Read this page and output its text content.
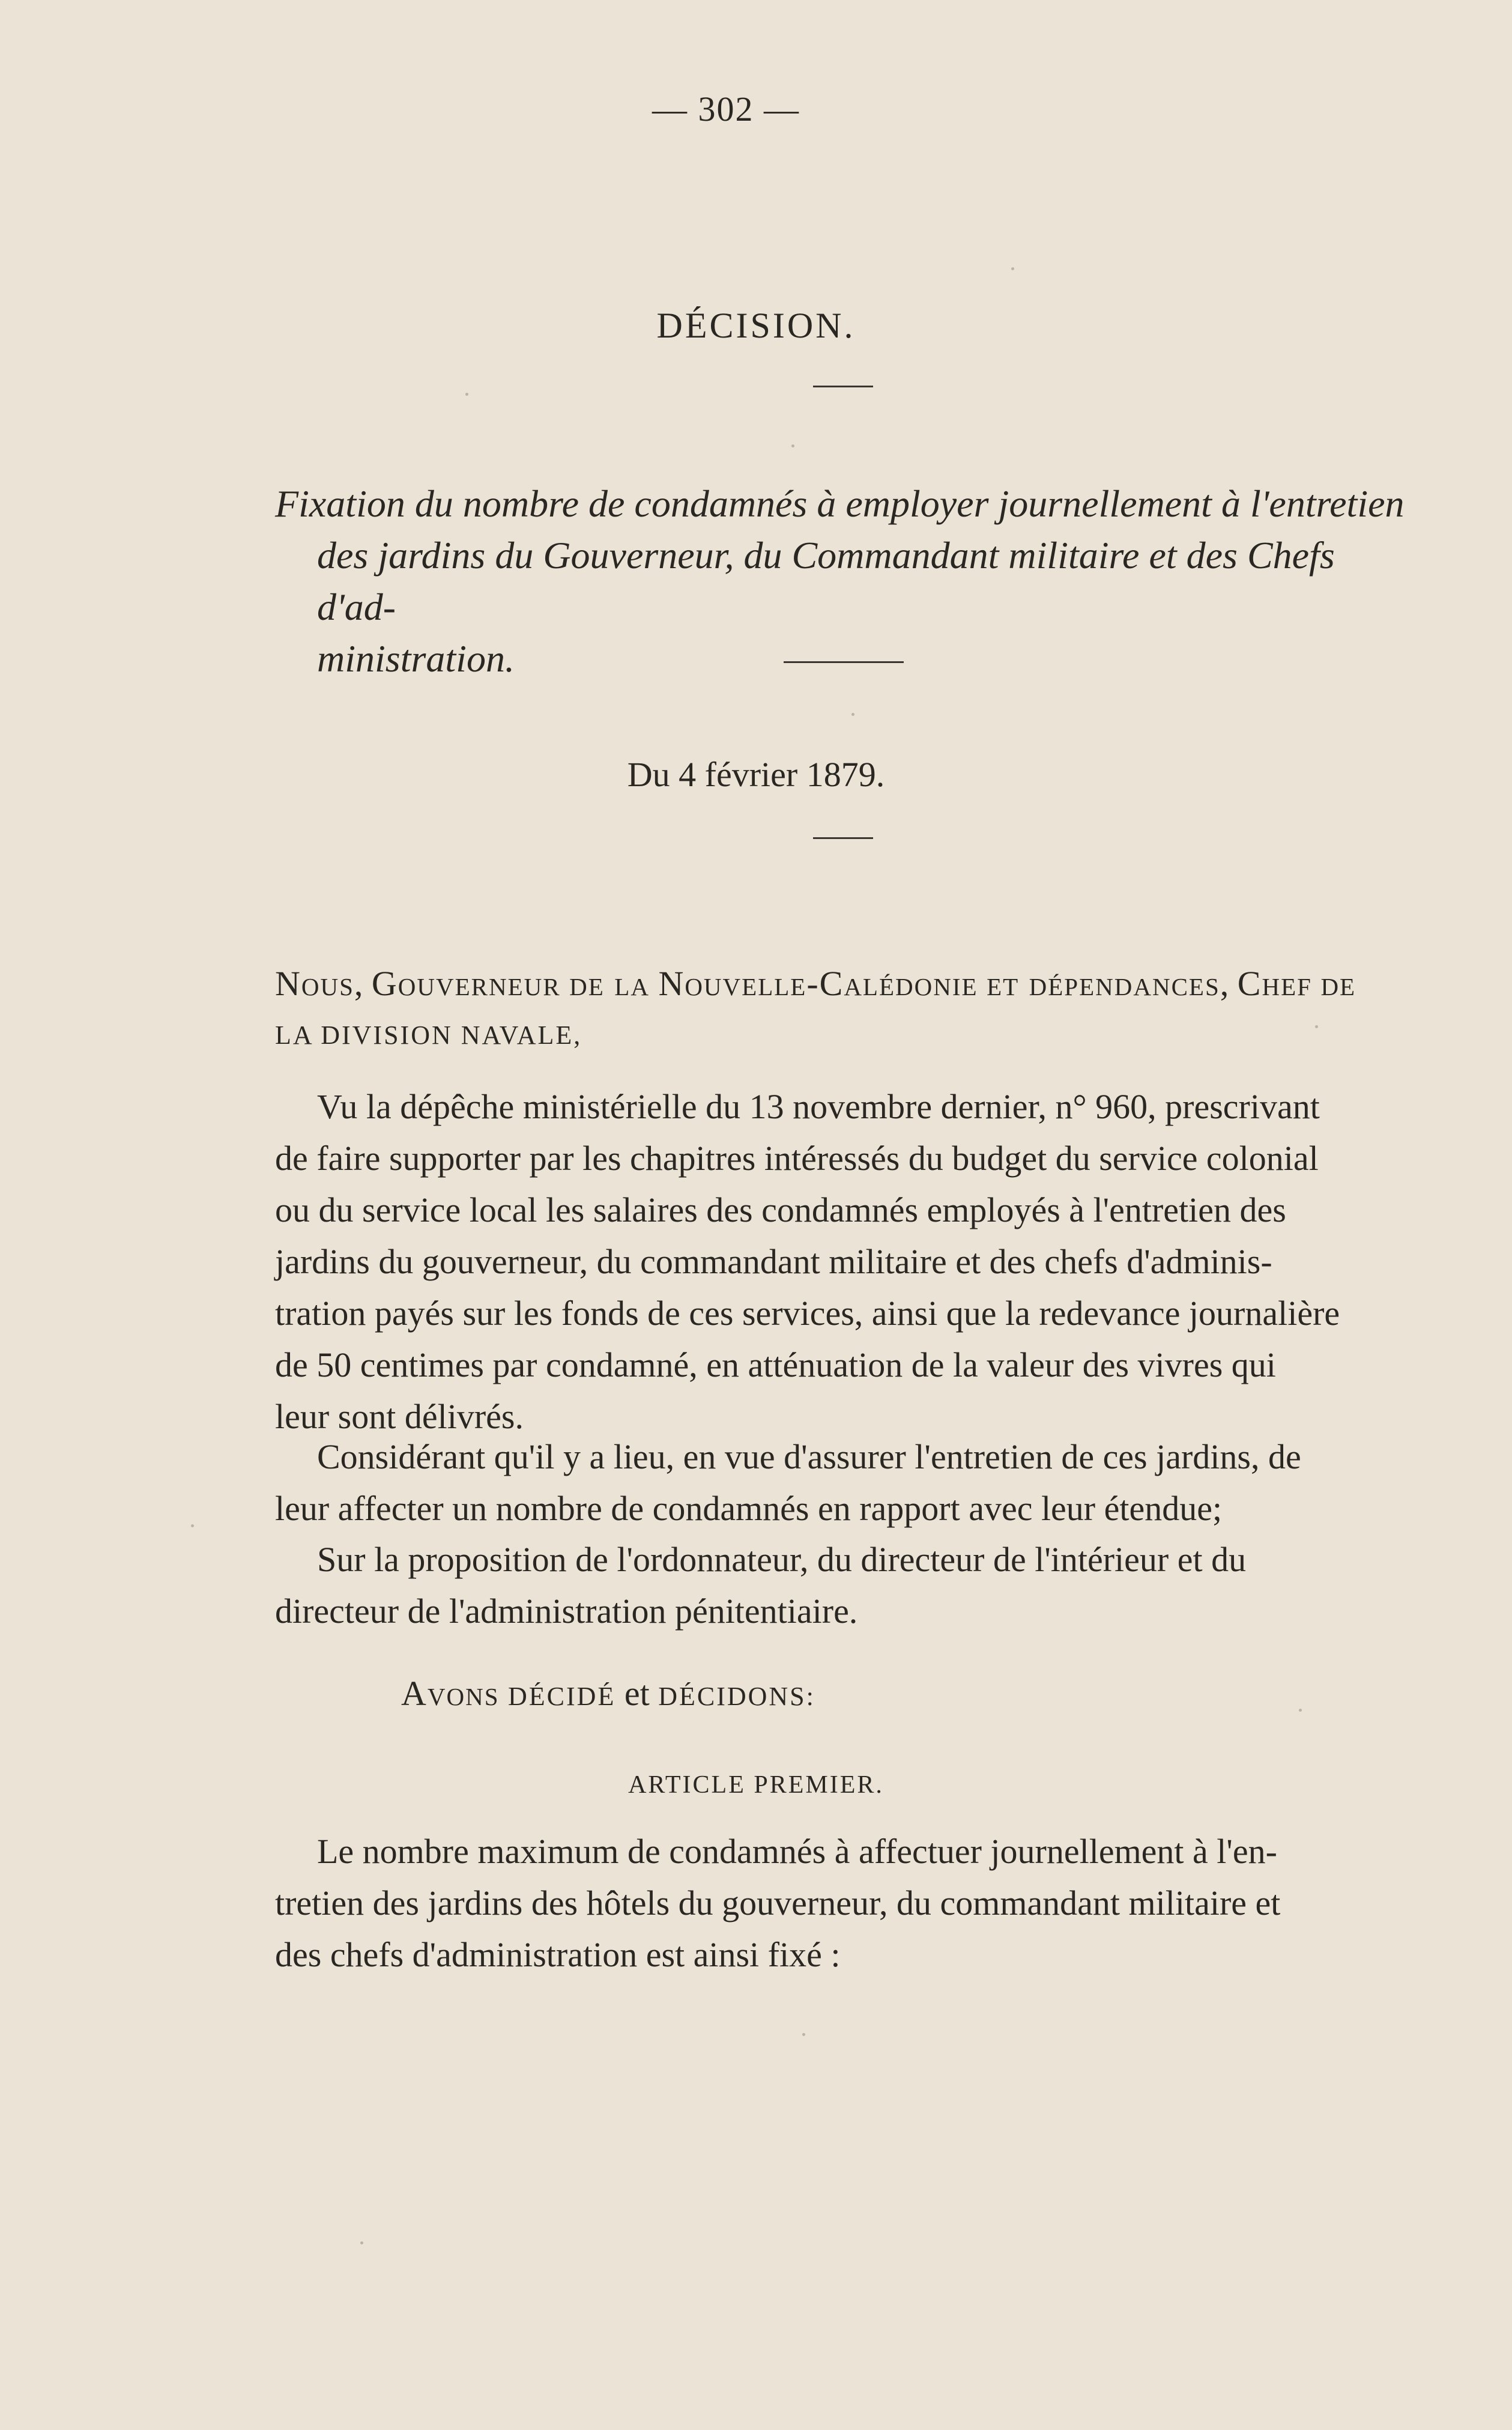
— 302 —
DÉCISION.
Fixation du nombre de condamnés à employer journellement à l'entretien
des jardins du Gouverneur, du Commandant militaire et des Chefs d'ad-
ministration.
Du 4 février 1879.
Nous, Gouverneur de la Nouvelle-Calédonie et dépendances, Chef de
LA DIVISION NAVALE,
Vu la dépêche ministérielle du 13 novembre dernier, n° 960, prescrivant
de faire supporter par les chapitres intéressés du budget du service colonial
ou du service local les salaires des condamnés employés à l'entretien des
jardins du gouverneur, du commandant militaire et des chefs d'adminis-
tration payés sur les fonds de ces services, ainsi que la redevance journalière
de 50 centimes par condamné, en atténuation de la valeur des vivres qui
leur sont délivrés.
Considérant qu'il y a lieu, en vue d'assurer l'entretien de ces jardins, de
leur affecter un nombre de condamnés en rapport avec leur étendue;
Sur la proposition de l'ordonnateur, du directeur de l'intérieur et du
directeur de l'administration pénitentiaire.
Avons DÉCIDÉ et DÉCIDONS:
ARTICLE PREMIER.
Le nombre maximum de condamnés à affectuer journellement à l'en-
tretien des jardins des hôtels du gouverneur, du commandant militaire et
des chefs d'administration est ainsi fixé :
